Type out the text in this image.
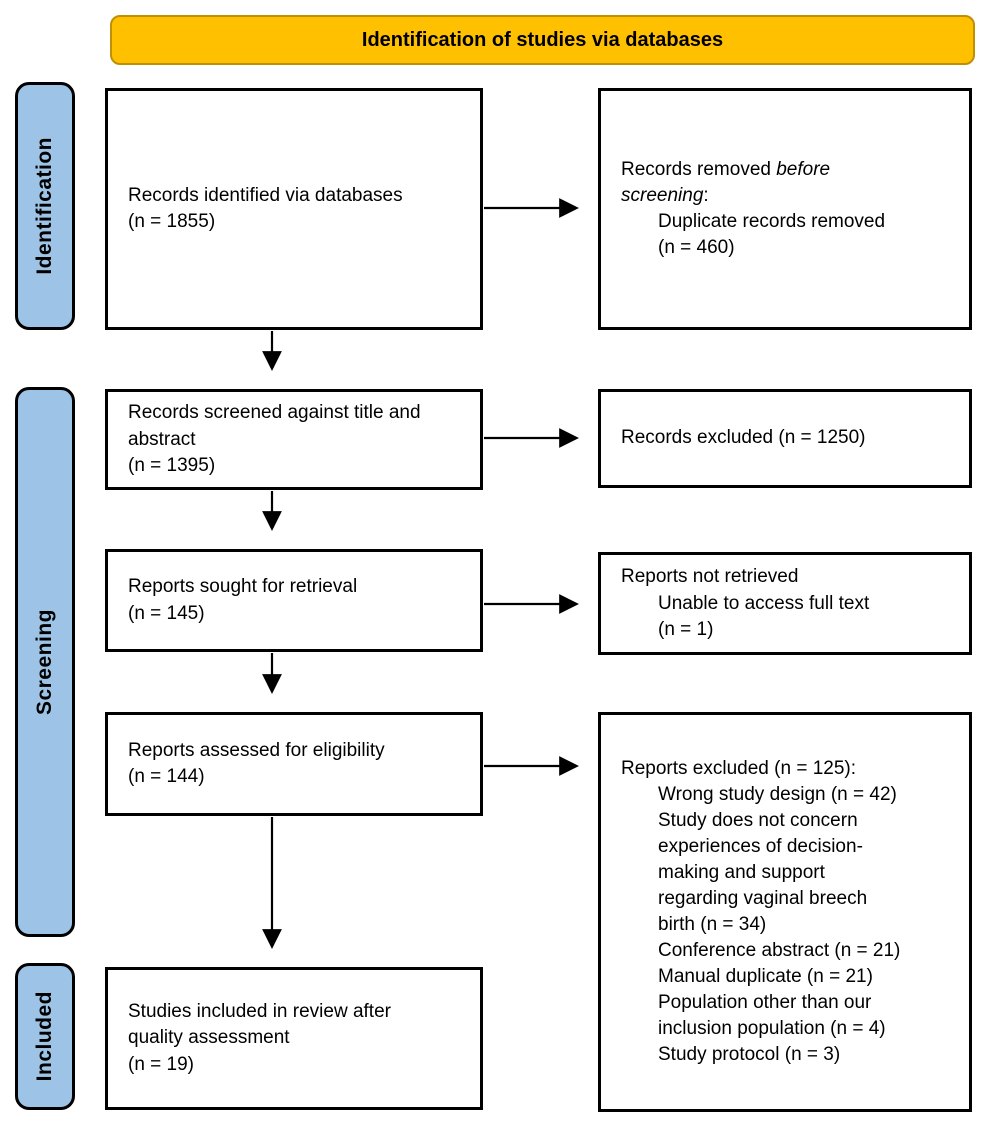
Identification of studies via databases
Identification
Screening
Included
Records identified via databases
(n = 1855)
Records screened against title and abstract
(n = 1395)
Reports sought for retrieval
(n = 145)
Reports assessed for eligibility
(n = 144)
Studies included in review after quality assessment
(n = 19)
Records removed before screening:
Duplicate records removed (n = 460)
Records excluded (n = 1250)
Reports not retrieved
Unable to access full text (n = 1)
Reports excluded (n = 125):
Wrong study design (n = 42)
Study does not concern experiences of decision-making and support regarding vaginal breech birth (n = 34)
Conference abstract (n = 21)
Manual duplicate (n = 21)
Population other than our inclusion population (n = 4)
Study protocol (n = 3)
